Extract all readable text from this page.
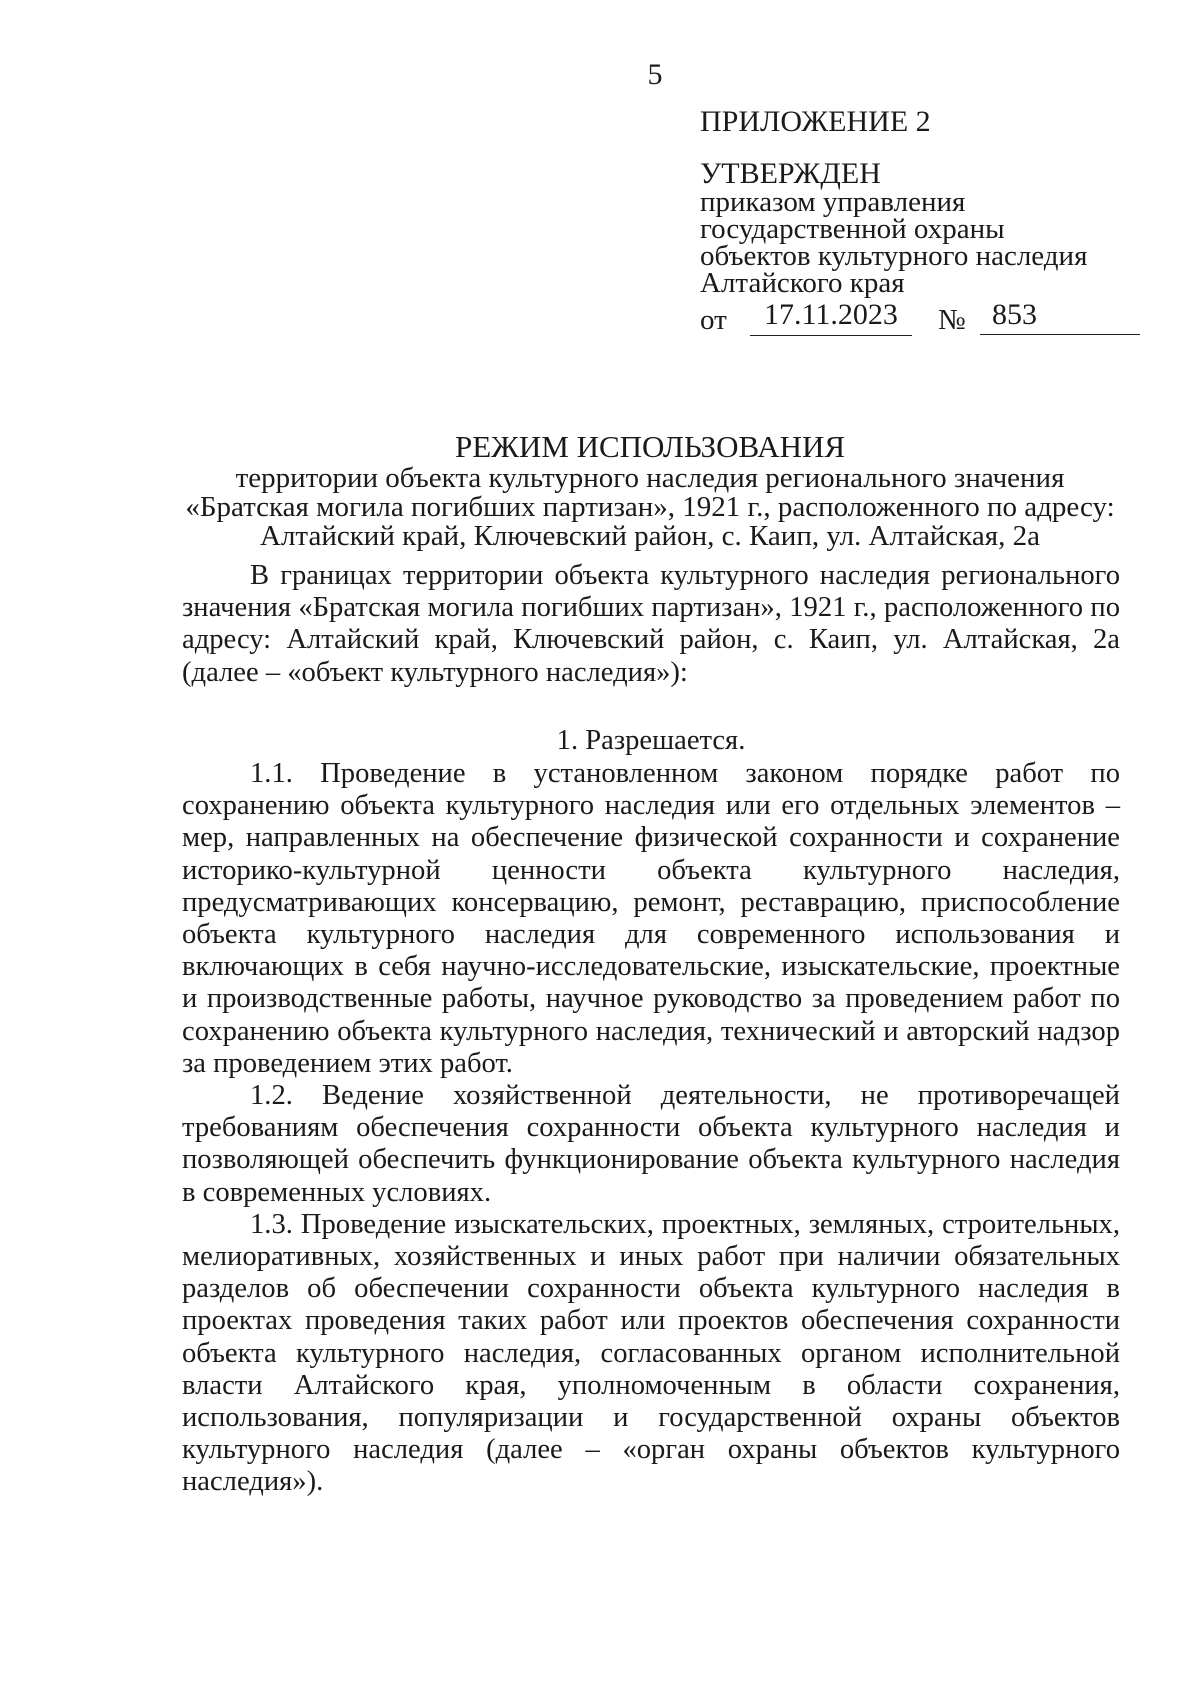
5
ПРИЛОЖЕНИЕ 2
УТВЕРЖДЕН
приказом управления
государственной охраны
объектов культурного наследия
Алтайского края
от	17.11.2023	№ 853
РЕЖИМ ИСПОЛЬЗОВАНИЯ
территории объекта культурного наследия регионального значения
«Братская могила погибших партизан», 1921 г., расположенного по адресу:
Алтайский край, Ключевский район, с. Каип, ул. Алтайская, 2а

В границах территории объекта культурного наследия регионального значения «Братская могила погибших партизан», 1921 г., расположенного по адресу: Алтайский край, Ключевский район, с. Каип, ул. Алтайская, 2а (далее – «объект культурного наследия»):

1. Разрешается.

1.1. Проведение в установленном законом порядке работ по сохранению объекта культурного наследия или его отдельных элементов – мер, направленных на обеспечение физической сохранности и сохранение историко-культурной ценности объекта культурного наследия, предусматривающих консервацию, ремонт, реставрацию, приспособление объекта культурного наследия для современного использования и включающих в себя научно-исследовательские, изыскательские, проектные и производственные работы, научное руководство за проведением работ по сохранению объекта культурного наследия, технический и авторский надзор за проведением этих работ.

1.2. Ведение хозяйственной деятельности, не противоречащей требованиям обеспечения сохранности объекта культурного наследия и позволяющей обеспечить функционирование объекта культурного наследия в современных условиях.

1.3. Проведение изыскательских, проектных, земляных, строительных, мелиоративных, хозяйственных и иных работ при наличии обязательных разделов об обеспечении сохранности объекта культурного наследия в проектах проведения таких работ или проектов обеспечения сохранности объекта культурного наследия, согласованных органом исполнительной власти Алтайского края, уполномоченным в области сохранения, использования, популяризации и государственной охраны объектов культурного наследия (далее – «орган охраны объектов культурного наследия»).
